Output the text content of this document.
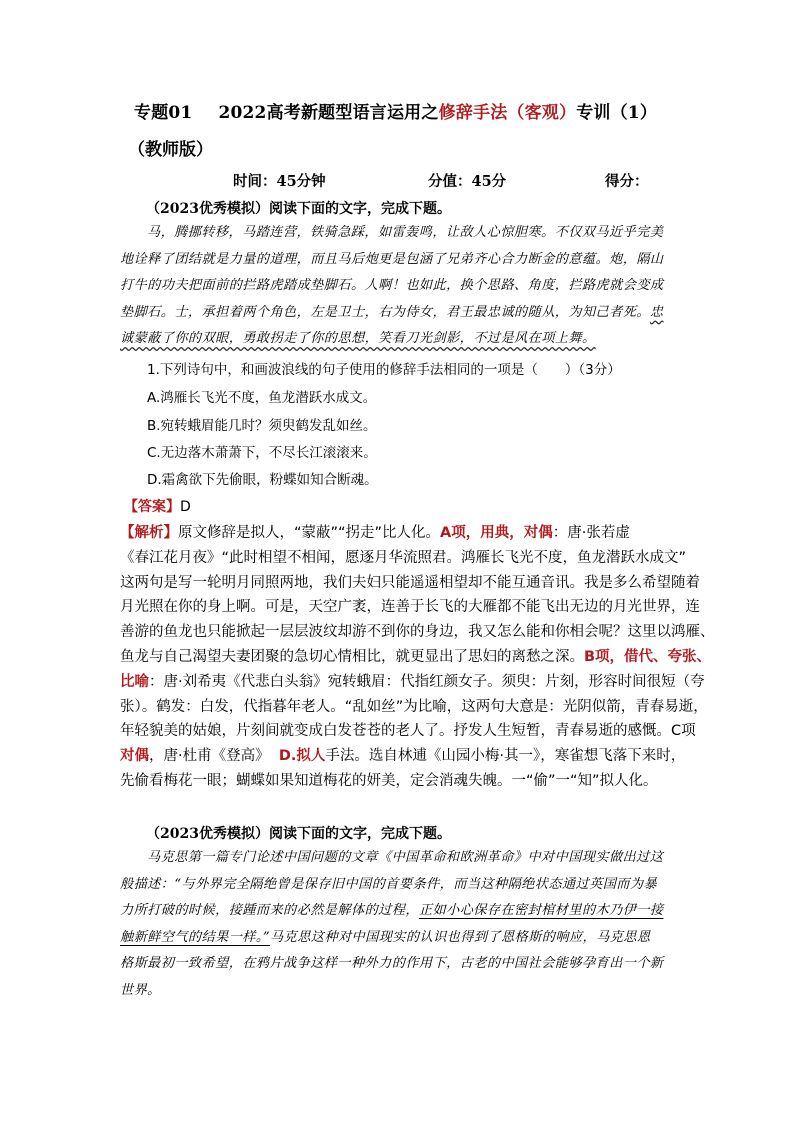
专题01 2022高考新题型语言运用之修辞手法（客观）专训（1）
（教师版）
时间：45分钟	分值：45分	得分：
（2023优秀模拟）阅读下面的文字，完成下题。
马，腾挪转移，马踏连营，铁骑急踩，如雷轰鸣，让敌人心惊胆寒。不仅双马近乎完美
地诠释了团结就是力量的道理，而且马后炮更是包涵了兄弟齐心合力断金的意蕴。炮，隔山
打牛的功夫把面前的拦路虎踏成垫脚石。人啊！也如此，换个思路、角度，拦路虎就会变成
垫脚石。士，承担着两个角色，左是卫士，右为侍女，君王最忠诚的随从，为知己者死。忠
诚蒙蔽了你的双眼，勇敢拐走了你的思想，笑看刀光剑影，不过是风在项上舞。
1.下列诗句中，和画波浪线的句子使用的修辞手法相同的一项是（　　）（3分）
A.鸿雁长飞光不度，鱼龙潜跃水成文。
B.宛转蛾眉能几时？须臾鹤发乱如丝。
C.无边落木萧萧下，不尽长江滚滚来。
D.霜禽欲下先偷眼，粉蝶如知合断魂。
【答案】D
【解析】原文修辞是拟人，“蒙蔽”“拐走”比人化。A项，用典，对偶：唐·张若虚
《春江花月夜》“此时相望不相闻，愿逐月华流照君。鸿雁长飞光不度，鱼龙潜跃水成文”
这两句是写一轮明月同照两地，我们夫妇只能遥遥相望却不能互通音讯。我是多么希望随着
月光照在你的身上啊。可是，天空广袤，连善于长飞的大雁都不能飞出无边的月光世界，连
善游的鱼龙也只能掀起一层层波纹却游不到你的身边，我又怎么能和你相会呢？这里以鸿雁、
鱼龙与自己渴望夫妻团聚的急切心情相比，就更显出了思妇的离愁之深。B项，借代、夸张、
比喻：唐·刘希夷《代悲白头翁》宛转蛾眉：代指红颜女子。须臾：片刻，形容时间很短（夸
张）。鹤发：白发，代指暮年老人。“乱如丝”为比喻，这两句大意是：光阴似箭，青春易逝，
年轻貌美的姑娘，片刻间就变成白发苍苍的老人了。抒发人生短暂，青春易逝的感慨。C项
对偶，唐·杜甫《登高》 D.拟人手法。选自林逋《山园小梅·其一》，寒雀想飞落下来时，
先偷看梅花一眼；蝴蝶如果知道梅花的妍美，定会消魂失魄。一“偷”一“知”拟人化。
（2023优秀模拟）阅读下面的文字，完成下题。
马克思第一篇专门论述中国问题的文章《中国革命和欧洲革命》中对中国现实做出过这
般描述：“与外界完全隔绝曾是保存旧中国的首要条件，而当这种隔绝状态通过英国而为暴
力所打破的时候，接踵而来的必然是解体的过程，正如小心保存在密封棺材里的木乃伊一接
触新鲜空气的结果一样。”马克思这种对中国现实的认识也得到了恩格斯的响应，马克思恩
格斯最初一致希望，在鸦片战争这样一种外力的作用下，古老的中国社会能够孕育出一个新
世界。
